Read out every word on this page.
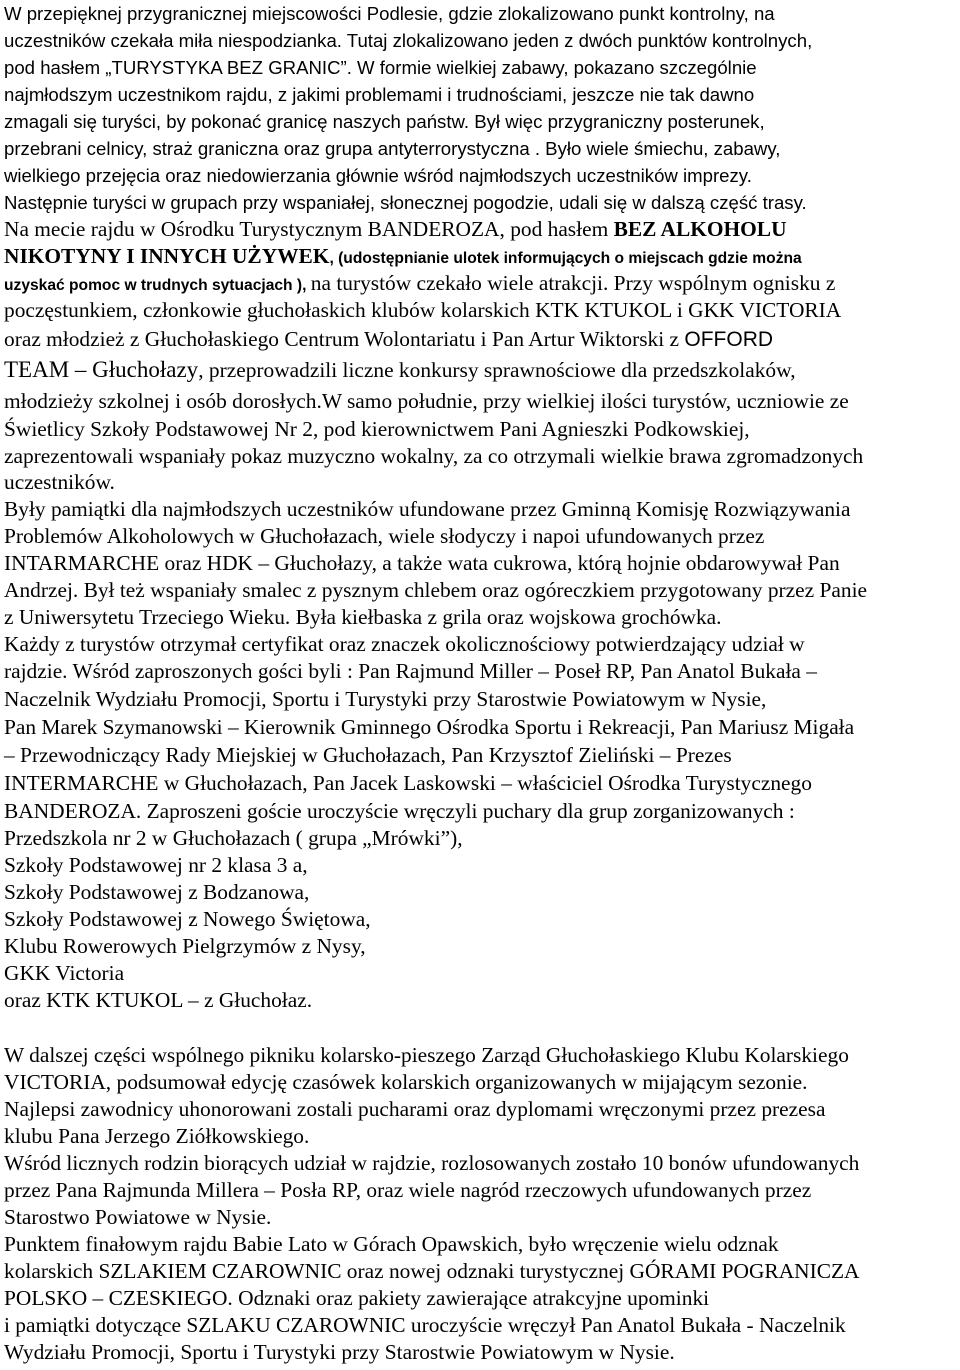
W przepięknej przygranicznej miejscowości Podlesie, gdzie zlokalizowano punkt kontrolny, na
uczestników czekała miła niespodzianka. Tutaj zlokalizowano jeden z dwóch punktów kontrolnych,
pod hasłem „TURYSTYKA BEZ GRANIC”. W formie wielkiej zabawy, pokazano szczególnie
najmłodszym uczestnikom rajdu, z jakimi problemami i trudnościami, jeszcze nie tak dawno
zmagali się turyści, by pokonać granicę naszych państw. Był więc przygraniczny posterunek,
przebrani celnicy, straż graniczna oraz grupa antyterrorystyczna . Było wiele śmiechu, zabawy,
wielkiego przejęcia oraz niedowierzania głównie wśród najmłodszych uczestników imprezy.
Następnie turyści w grupach przy wspaniałej, słonecznej pogodzie, udali się w dalszą część trasy.
Na mecie rajdu w Ośrodku Turystycznym BANDEROZA, pod hasłem BEZ ALKOHOLU
NIKOTYNY I INNYCH UŻYWEK, (udostępnianie ulotek informujących o miejscach gdzie można
uzyskać pomoc w trudnych sytuacjach ), na turystów czekało wiele atrakcji. Przy wspólnym ognisku z
poczęstunkiem, członkowie głuchołaskich klubów kolarskich KTK KTUKOL i GKK VICTORIA
oraz młodzież z Głuchołaskiego Centrum Wolontariatu i Pan Artur Wiktorski z OFFORD
TEAM – Głuchołazy, przeprowadzili liczne konkursy sprawnościowe dla przedszkolaków,
młodzieży szkolnej i osób dorosłych.W samo południe, przy wielkiej ilości turystów, uczniowie ze
Świetlicy Szkoły Podstawowej Nr 2, pod kierownictwem Pani Agnieszki Podkowskiej,
zaprezentowali wspaniały pokaz muzyczno wokalny, za co otrzymali wielkie brawa zgromadzonych
uczestników.
Były pamiątki dla najmłodszych uczestników ufundowane przez Gminną Komisję Rozwiązywania
Problemów Alkoholowych w Głuchołazach, wiele słodyczy i napoi ufundowanych przez
INTARMARCHE oraz HDK – Głuchołazy, a także wata cukrowa, którą hojnie obdarowywał Pan
Andrzej. Był też wspaniały smalec z pysznym chlebem oraz ogóreczkiem przygotowany przez Panie
z Uniwersytetu Trzeciego Wieku. Była kiełbaska z grila oraz wojskowa grochówka.
Każdy z turystów otrzymał certyfikat oraz znaczek okolicznościowy potwierdzający udział w
rajdzie. Wśród zaproszonych gości byli : Pan Rajmund Miller – Poseł RP, Pan Anatol Bukała –
Naczelnik Wydziału Promocji, Sportu i Turystyki przy Starostwie Powiatowym w Nysie,
Pan Marek Szymanowski – Kierownik Gminnego Ośrodka Sportu i Rekreacji, Pan Mariusz Migała
– Przewodniczący Rady Miejskiej w Głuchołazach, Pan Krzysztof Zieliński – Prezes
INTERMARCHE w Głuchołazach, Pan Jacek Laskowski – właściciel Ośrodka Turystycznego
BANDEROZA. Zaproszeni goście uroczyście wręczyli puchary dla grup zorganizowanych :
Przedszkola nr 2 w Głuchołazach ( grupa „Mrówki”),
Szkoły Podstawowej nr 2 klasa 3 a,
Szkoły Podstawowej z Bodzanowa,
Szkoły Podstawowej z Nowego Świętowa,
Klubu Rowerowych Pielgrzymów z Nysy,
GKK Victoria
oraz KTK KTUKOL – z Głuchołaz.
W dalszej części wspólnego pikniku kolarsko-pieszego Zarząd Głuchołaskiego Klubu Kolarskiego
VICTORIA, podsumował edycję czasówek kolarskich organizowanych w mijającym sezonie.
Najlepsi zawodnicy uhonorowani zostali pucharami oraz dyplomami wręczonymi przez prezesa
klubu Pana Jerzego Ziółkowskiego.
Wśród licznych rodzin biorących udział w rajdzie, rozlosowanych zostało 10 bonów ufundowanych
przez Pana Rajmunda Millera – Posła RP, oraz wiele nagród rzeczowych ufundowanych przez
Starostwo Powiatowe w Nysie.
Punktem finałowym rajdu Babie Lato w Górach Opawskich, było wręczenie wielu odznak
kolarskich SZLAKIEM CZAROWNIC oraz nowej odznaki turystycznej GÓRAMI POGRANICZA
POLSKO – CZESKIEGO. Odznaki oraz pakiety zawierające atrakcyjne upominki
i pamiątki dotyczące SZLAKU CZAROWNIC uroczyście wręczył Pan Anatol Bukała - Naczelnik
Wydziału Promocji, Sportu i Turystyki przy Starostwie Powiatowym w Nysie.
